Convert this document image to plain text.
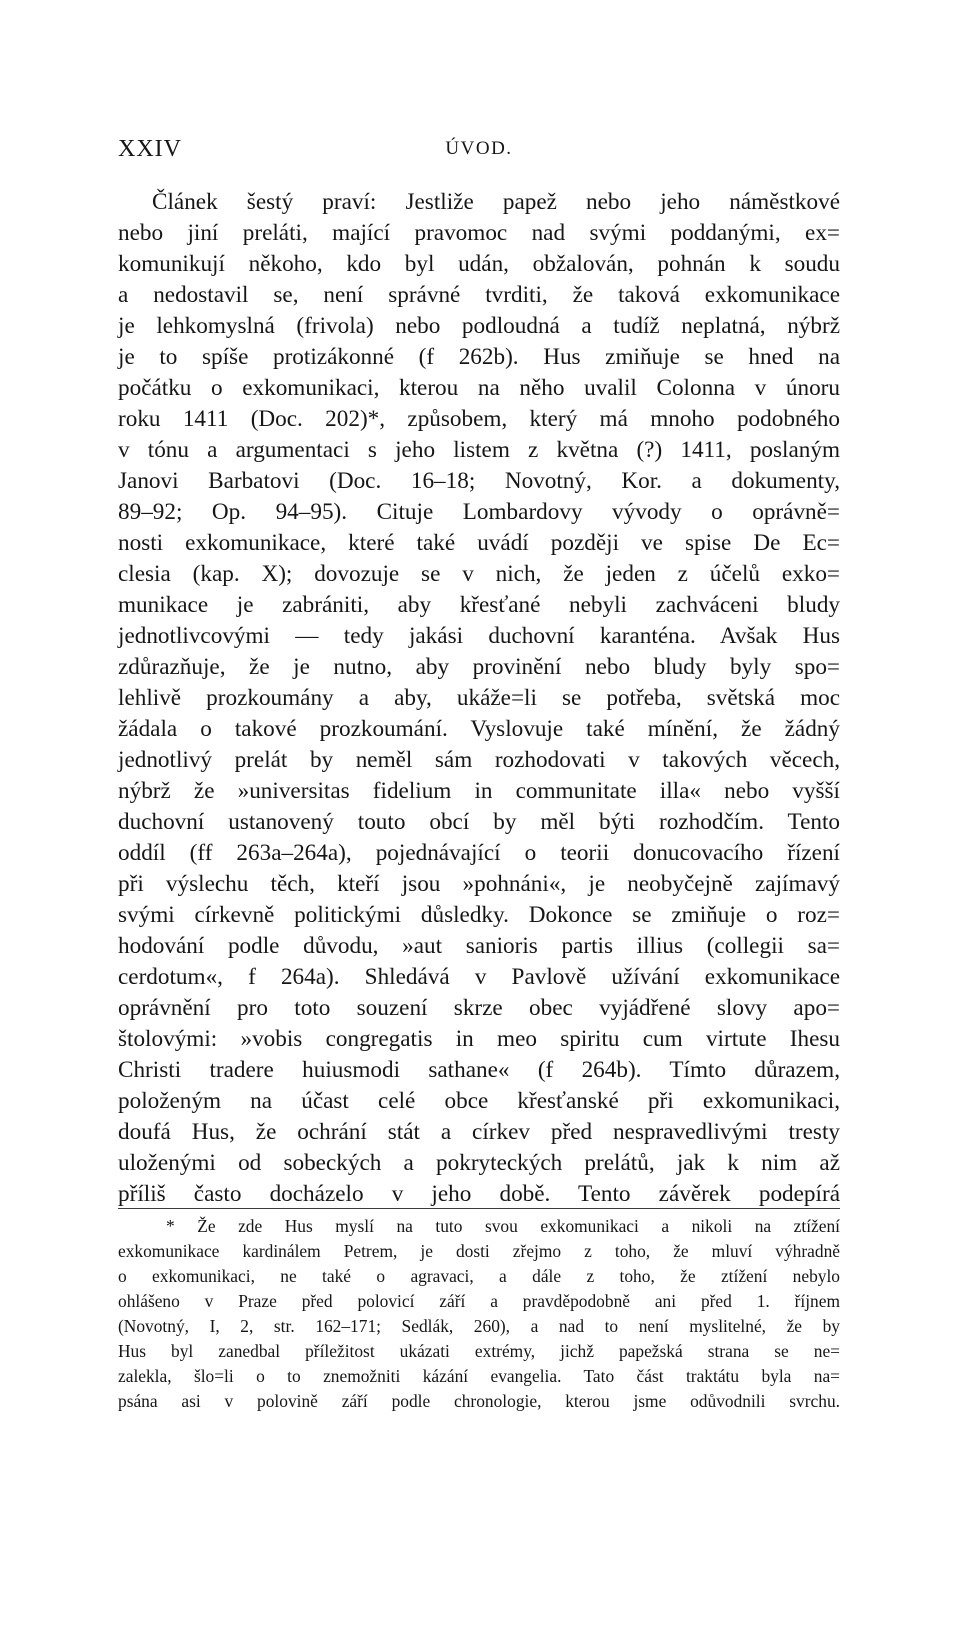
XXIV	ÚVOD.
Článek šestý praví: Jestliže papež nebo jeho náměstkové
nebo jiní preláti, mající pravomoc nad svými poddanými, ex=
komunikují někoho, kdo byl udán, obžalován, pohnán k soudu
a nedostavil se, není správné tvrditi, že taková exkomunikace
je lehkomyslná (frivola) nebo podloudná a tudíž neplatná, nýbrž
je to spíše protizákonné (f 262b). Hus zmiňuje se hned na
počátku o exkomunikaci, kterou na něho uvalil Colonna v únoru
roku 1411 (Doc. 202)*, způsobem, který má mnoho podobného
v tónu a argumentaci s jeho listem z května (?) 1411, poslaným
Janovi Barbatovi (Doc. 16–18; Novotný, Kor. a dokumenty,
89–92; Op. 94–95). Cituje Lombardovy vývody o oprávně=
nosti exkomunikace, které také uvádí později ve spise De Ec=
clesia (kap. X); dovozuje se v nich, že jeden z účelů exko=
munikace je zabrániti, aby křesťané nebyli zachváceni bludy
jednotlivcovými — tedy jakási duchovní karanténa. Avšak Hus
zdůrazňuje, že je nutno, aby provinění nebo bludy byly spo=
lehlivě prozkoumány a aby, ukáže=li se potřeba, světská moc
žádala o takové prozkoumání. Vyslovuje také mínění, že žádný
jednotlivý prelát by neměl sám rozhodovati v takových věcech,
nýbrž že »universitas fidelium in communitate illa« nebo vyšší
duchovní ustanovený touto obcí by měl býti rozhodčím. Tento
oddíl (ff 263a–264a), pojednávající o teorii donucovacího řízení
při výslechu těch, kteří jsou »pohnáni«, je neobyčejně zajímavý
svými církevně politickými důsledky. Dokonce se zmiňuje o roz=
hodování podle důvodu, »aut sanioris partis illius (collegii sa=
cerdotum«, f 264a). Shledává v Pavlově užívání exkomunikace
oprávnění pro toto souzení skrze obec vyjádřené slovy apo=
štolovými: »vobis congregatis in meo spiritu cum virtute Ihesu
Christi tradere huiusmodi sathane« (f 264b). Tímto důrazem,
položeným na účast celé obce křesťanské při exkomunikaci,
doufá Hus, že ochrání stát a církev před nespravedlivými tresty
uloženými od sobeckých a pokryteckých prelátů, jak k nim až
příliš často docházelo v jeho době. Tento závěrek podepírá
* Že zde Hus myslí na tuto svou exkomunikaci a nikoli na ztížení
exkomunikace kardinálem Petrem, je dosti zřejmo z toho, že mluví výhradně
o exkomunikaci, ne také o agravaci, a dále z toho, že ztížení nebylo
ohlášeno v Praze před polovicí září a pravděpodobně ani před 1. říjnem
(Novotný, I, 2, str. 162–171; Sedlák, 260), a nad to není myslitelné, že by
Hus byl zanedbal příležitost ukázati extrémy, jichž papežská strana se ne=
zalekla, šlo=li o to znemožniti kázání evangelia. Tato část traktátu byla na=
psána asi v polovině září podle chronologie, kterou jsme odůvodnili svrchu.
